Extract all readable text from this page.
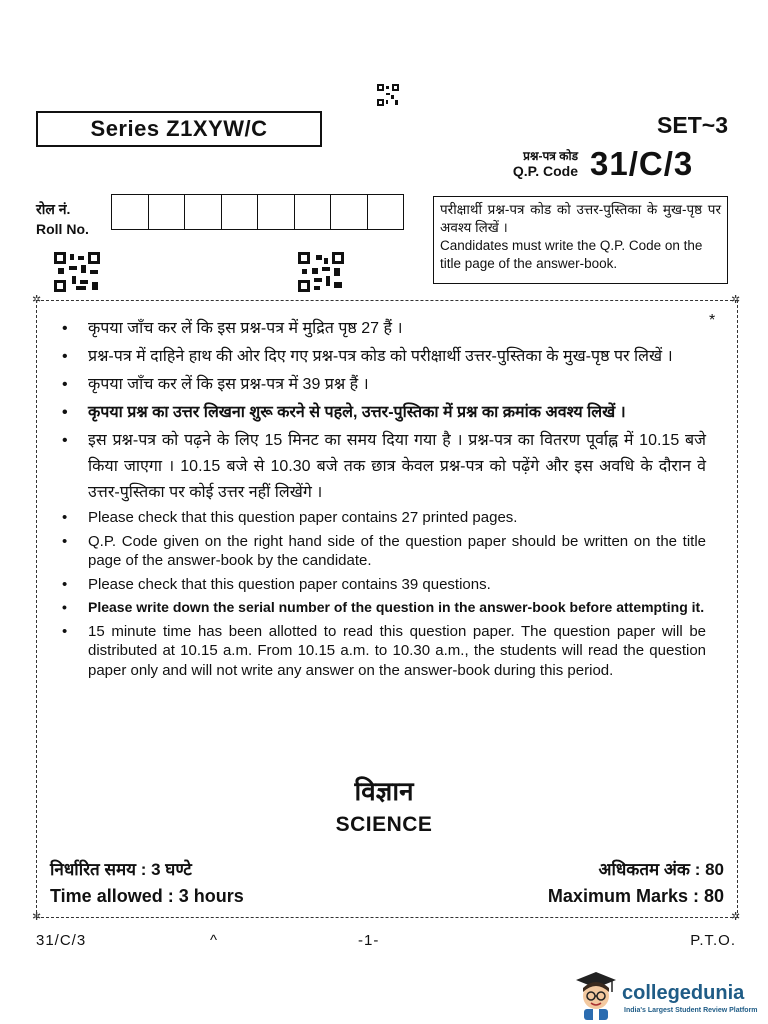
Series Z1XYW/C	SET~3
प्रश्न-पत्र कोड
Q.P. Code 31/C/3
रोल नं.
Roll No.

परीक्षार्थी प्रश्न-पत्र कोड को उत्तर-पुस्तिका के मुख-पृष्ठ पर अवश्य लिखें ।

Candidates must write the Q.P. Code on the title page of the answer-book.

✲	✲
✲	✲
*
• कृपया जाँच कर लें कि इस प्रश्न-पत्र में मुद्रित पृष्ठ 27 हैं ।
• प्रश्न-पत्र में दाहिने हाथ की ओर दिए गए प्रश्न-पत्र कोड को परीक्षार्थी उत्तर-पुस्तिका के मुख-पृष्ठ पर लिखें ।
• कृपया जाँच कर लें कि इस प्रश्न-पत्र में 39 प्रश्न हैं ।
• कृपया प्रश्न का उत्तर लिखना शुरू करने से पहले, उत्तर-पुस्तिका में प्रश्न का क्रमांक अवश्य लिखें ।
• इस प्रश्न-पत्र को पढ़ने के लिए 15 मिनट का समय दिया गया है । प्रश्न-पत्र का वितरण पूर्वाह्न में 10.15 बजे किया जाएगा । 10.15 बजे से 10.30 बजे तक छात्र केवल प्रश्न-पत्र को पढ़ेंगे और इस अवधि के दौरान वे उत्तर-पुस्तिका पर कोई उत्तर नहीं लिखेंगे ।
• Please check that this question paper contains 27 printed pages.
• Q.P. Code given on the right hand side of the question paper should be written on the title page of the answer-book by the candidate.
• Please check that this question paper contains 39 questions.
• Please write down the serial number of the question in the answer-book before attempting it.
• 15 minute time has been allotted to read this question paper. The question paper will be distributed at 10.15 a.m. From 10.15 a.m. to 10.30 a.m., the students will read the question paper only and will not write any answer on the answer-book during this period.
विज्ञान
SCIENCE
निर्धारित समय : 3 घण्टे	अधिकतम अंक : 80
Time allowed : 3 hours	Maximum Marks : 80
31/C/3	^	-1-	P.T.O.
collegedunia
India's Largest Student Review Platform
